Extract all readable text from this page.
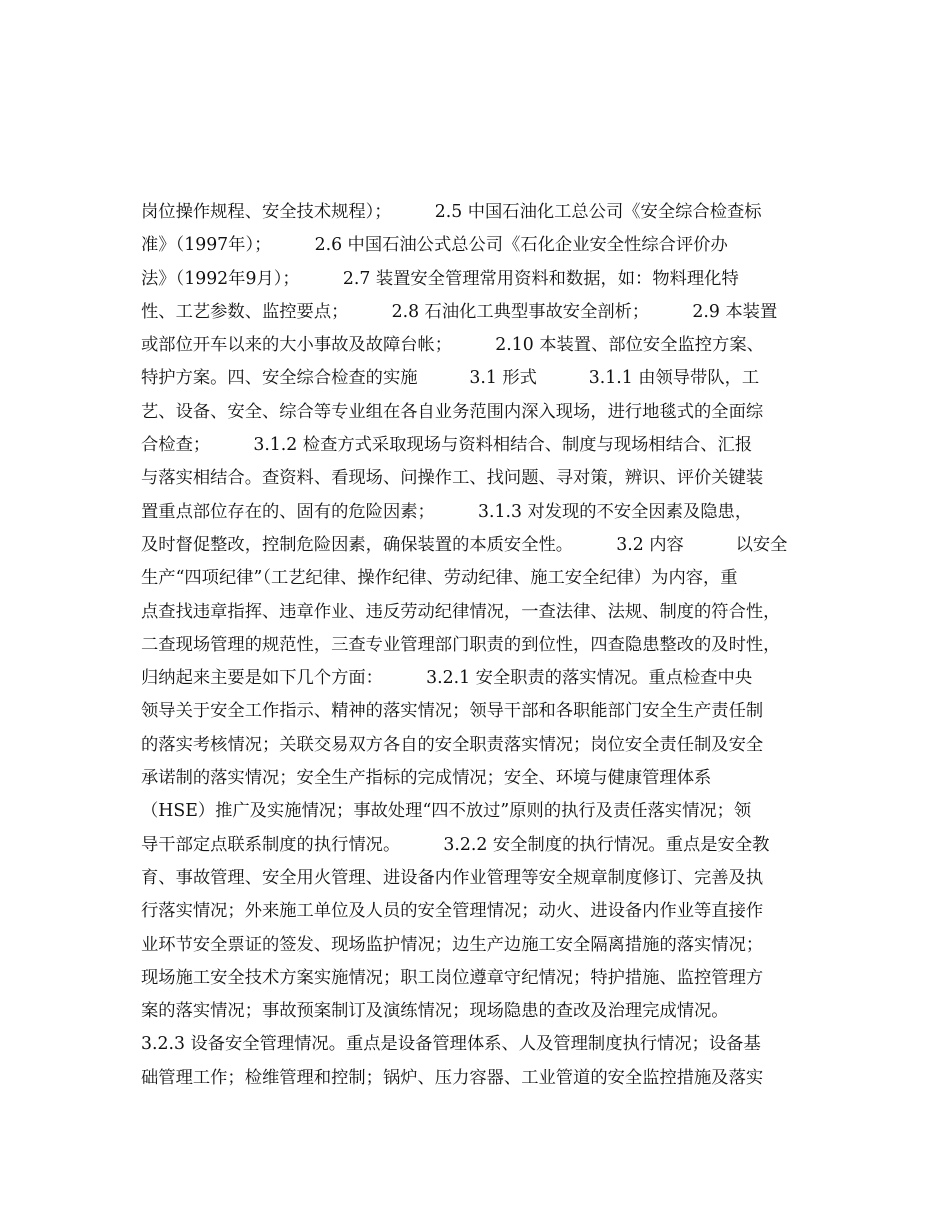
岗位操作规程、安全技术规程）；　　　2.5 中国石油化工总公司《安全综合检查标
准》（1997年）；　　　2.6 中国石油公式总公司《石化企业安全性综合评价办
法》（1992年9月）；　　　2.7 装置安全管理常用资料和数据，如：物料理化特
性、工艺参数、监控要点；　　　2.8 石油化工典型事故安全剖析；　　　2.9 本装置
或部位开车以来的大小事故及故障台帐；　　　2.10 本装置、部位安全监控方案、
特护方案。四、安全综合检查的实施　　　3.1 形式　　　3.1.1 由领导带队，工
艺、设备、安全、综合等专业组在各自业务范围内深入现场，进行地毯式的全面综
合检查；　　　3.1.2 检查方式采取现场与资料相结合、制度与现场相结合、汇报
与落实相结合。查资料、看现场、问操作工、找问题、寻对策，辨识、评价关键装
置重点部位存在的、固有的危险因素；　　　3.1.3 对发现的不安全因素及隐患，
及时督促整改，控制危险因素，确保装置的本质安全性。　　　3.2 内容　　　以安全
生产“四项纪律”（工艺纪律、操作纪律、劳动纪律、施工安全纪律）为内容，重
点查找违章指挥、违章作业、违反劳动纪律情况，一查法律、法规、制度的符合性，
二查现场管理的规范性，三查专业管理部门职责的到位性，四查隐患整改的及时性，
归纳起来主要是如下几个方面：　　　3.2.1 安全职责的落实情况。重点检查中央
领导关于安全工作指示、精神的落实情况；领导干部和各职能部门安全生产责任制
的落实考核情况；关联交易双方各自的安全职责落实情况；岗位安全责任制及安全
承诺制的落实情况；安全生产指标的完成情况；安全、环境与健康管理体系
（HSE）推广及实施情况；事故处理“四不放过”原则的执行及责任落实情况；领
导干部定点联系制度的执行情况。　　　3.2.2 安全制度的执行情况。重点是安全教
育、事故管理、安全用火管理、进设备内作业管理等安全规章制度修订、完善及执
行落实情况；外来施工单位及人员的安全管理情况；动火、进设备内作业等直接作
业环节安全票证的签发、现场监护情况；边生产边施工安全隔离措施的落实情况；
现场施工安全技术方案实施情况；职工岗位遵章守纪情况；特护措施、监控管理方
案的落实情况；事故预案制订及演练情况；现场隐患的查改及治理完成情况。
3.2.3 设备安全管理情况。重点是设备管理体系、人及管理制度执行情况；设备基
础管理工作；检维管理和控制；锅炉、压力容器、工业管道的安全监控措施及落实
